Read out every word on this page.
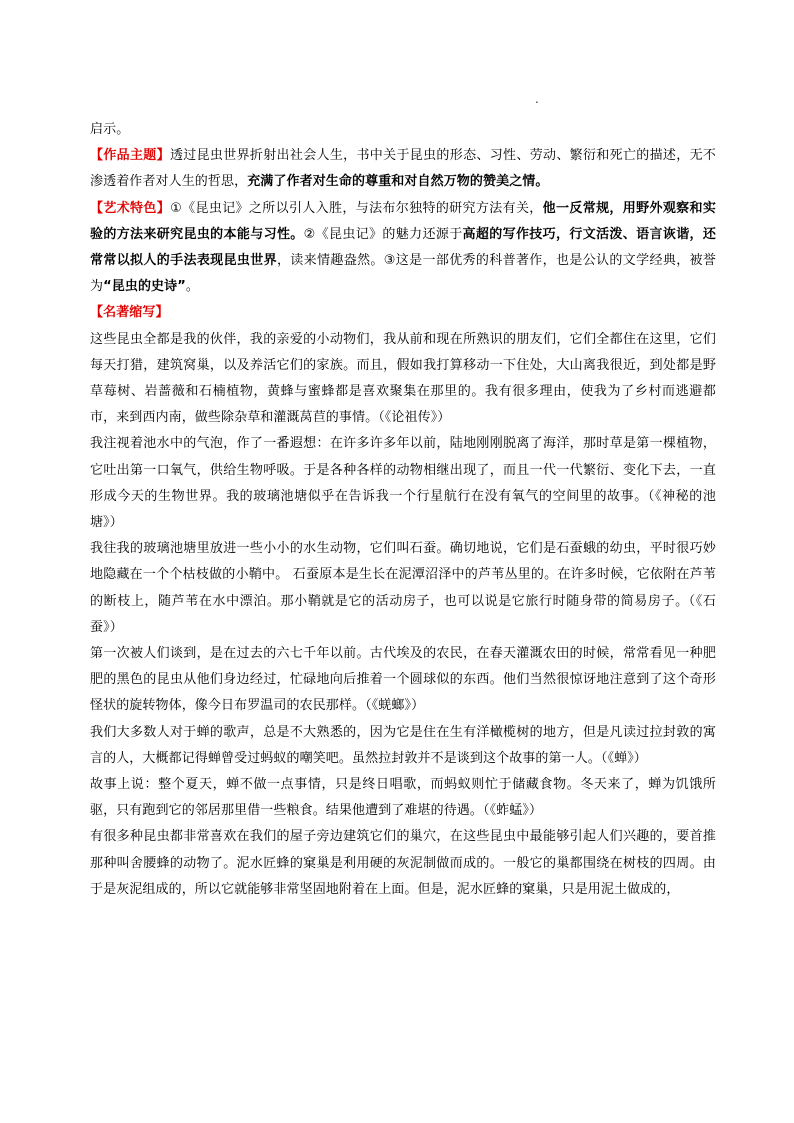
.

启示。

【作品主题】透过昆虫世界折射出社会人生，书中关于昆虫的形态、习性、劳动、繁衍和死亡的描述，无不渗透着作者对人生的哲思，充满了作者对生命的尊重和对自然万物的赞美之情。

【艺术特色】①《昆虫记》之所以引人入胜，与法布尔独特的研究方法有关，他一反常规，用野外观察和实验的方法来研究昆虫的本能与习性。②《昆虫记》的魅力还源于高超的写作技巧，行文活泼、语言诙谐，还常常以拟人的手法表现昆虫世界，读来情趣盎然。③这是一部优秀的科普著作，也是公认的文学经典，被誉为“昆虫的史诗”。

【名著缩写】

这些昆虫全都是我的伙伴，我的亲爱的小动物们，我从前和现在所熟识的朋友们，它们全都住在这里，它们每天打猎，建筑窝巢，以及养活它们的家族。而且，假如我打算移动一下住处，大山离我很近，到处都是野草莓树、岩蔷薇和石楠植物，黄蜂与蜜蜂都是喜欢聚集在那里的。我有很多理由，使我为了乡村而逃避都市，来到西内南，做些除杂草和灌溉莴苣的事情。（《论祖传》）

我注视着池水中的气泡，作了一番遐想：在许多许多年以前，陆地刚刚脱离了海洋，那时草是第一棵植物，它吐出第一口氧气，供给生物呼吸。于是各种各样的动物相继出现了，而且一代一代繁衍、变化下去，一直形成今天的生物世界。我的玻璃池塘似乎在告诉我一个行星航行在没有氧气的空间里的故事。（《神秘的池塘》）

我往我的玻璃池塘里放进一些小小的水生动物，它们叫石蚕。确切地说，它们是石蚕蛾的幼虫，平时很巧妙地隐藏在一个个枯枝做的小鞘中。 石蚕原本是生长在泥潭沼泽中的芦苇丛里的。在许多时候，它依附在芦苇的断枝上，随芦苇在水中漂泊。那小鞘就是它的活动房子，也可以说是它旅行时随身带的简易房子。（《石蚕》）

第一次被人们谈到，是在过去的六七千年以前。古代埃及的农民，在春天灌溉农田的时候，常常看见一种肥肥的黑色的昆虫从他们身边经过，忙碌地向后推着一个圆球似的东西。他们当然很惊讶地注意到了这个奇形怪状的旋转物体，像今日布罗温司的农民那样。（《蜣螂》）

我们大多数人对于蝉的歌声，总是不大熟悉的，因为它是住在生有洋橄榄树的地方，但是凡读过拉封敦的寓言的人，大概都记得蝉曾受过蚂蚁的嘲笑吧。虽然拉封敦并不是谈到这个故事的第一人。（《蝉》）

故事上说：整个夏天，蝉不做一点事情，只是终日唱歌，而蚂蚁则忙于储藏食物。冬天来了，蝉为饥饿所驱，只有跑到它的邻居那里借一些粮食。结果他遭到了难堪的待遇。（《蚱蜢》）

有很多种昆虫都非常喜欢在我们的屋子旁边建筑它们的巢穴，在这些昆虫中最能够引起人们兴趣的，要首推那种叫舍腰蜂的动物了。泥水匠蜂的窠巢是利用硬的灰泥制做而成的。一般它的巢都围绕在树枝的四周。由于是灰泥组成的，所以它就能够非常坚固地附着在上面。但是，泥水匠蜂的窠巢，只是用泥土做成的，
